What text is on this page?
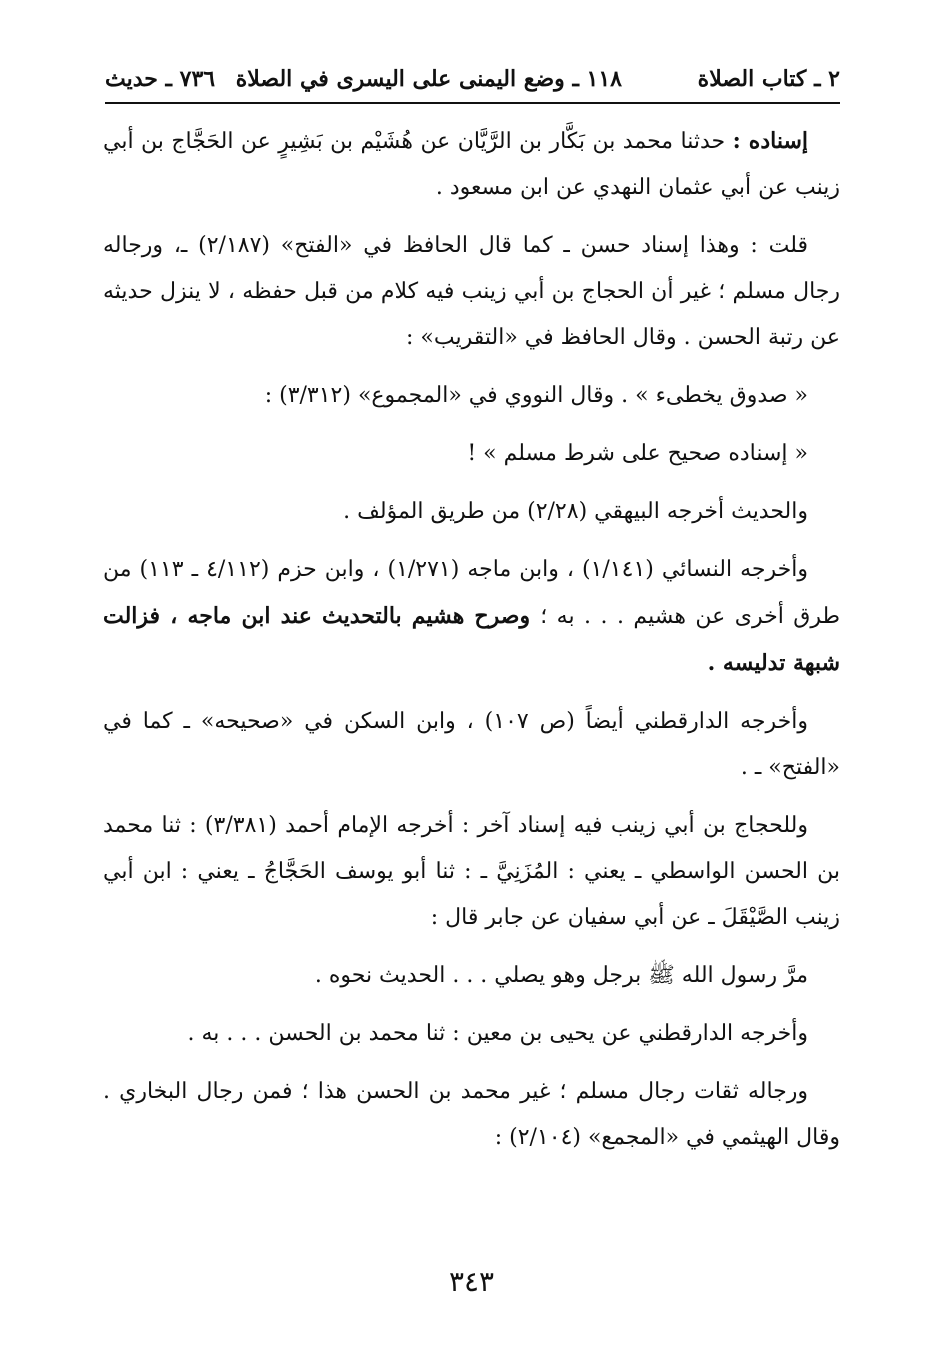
٢ ـ كتاب الصلاة
١١٨ ـ وضع اليمنى على اليسرى في الصلاة
٧٣٦ ـ حديث

إسناده : حدثنا محمد بن بَكَّار بن الرَّيَّان عن هُشَيْم بن بَشِيرٍ عن الحَجَّاج بن أبي زينب عن أبي عثمان النهدي عن ابن مسعود .

قلت : وهذا إسناد حسن ـ كما قال الحافظ في «الفتح» (٢/١٨٧) ـ، ورجاله رجال مسلم ؛ غير أن الحجاج بن أبي زينب فيه كلام من قبل حفظه ، لا ينزل حديثه عن رتبة الحسن . وقال الحافظ في «التقريب» :

« صدوق يخطىء » . وقال النووي في «المجموع» (٣/٣١٢) :

« إسناده صحيح على شرط مسلم » !

والحديث أخرجه البيهقي (٢/٢٨) من طريق المؤلف .

وأخرجه النسائي (١/١٤١) ، وابن ماجه (١/٢٧١) ، وابن حزم (٤/١١٢ ـ ١١٣) من طرق أخرى عن هشيم . . . به ؛ وصرح هشيم بالتحديث عند ابن ماجه ، فزالت شبهة تدليسه .

وأخرجه الدارقطني أيضاً (ص ١٠٧) ، وابن السكن في «صحيحه» ـ كما في «الفتح» ـ .

وللحجاج بن أبي زينب فيه إسناد آخر : أخرجه الإمام أحمد (٣/٣٨١) : ثنا محمد بن الحسن الواسطي ـ يعني : المُزَنِيَّ ـ : ثنا أبو يوسف الحَجَّاجُ ـ يعني : ابن أبي زينب الصَّيْقَلَ ـ عن أبي سفيان عن جابر قال :

مرَّ رسول الله ﷺ برجل وهو يصلي . . . الحديث نحوه .

وأخرجه الدارقطني عن يحيى بن معين : ثنا محمد بن الحسن . . . به .

ورجاله ثقات رجال مسلم ؛ غير محمد بن الحسن هذا ؛ فمن رجال البخاري . وقال الهيثمي في «المجمع» (٢/١٠٤) :

٣٤٣
